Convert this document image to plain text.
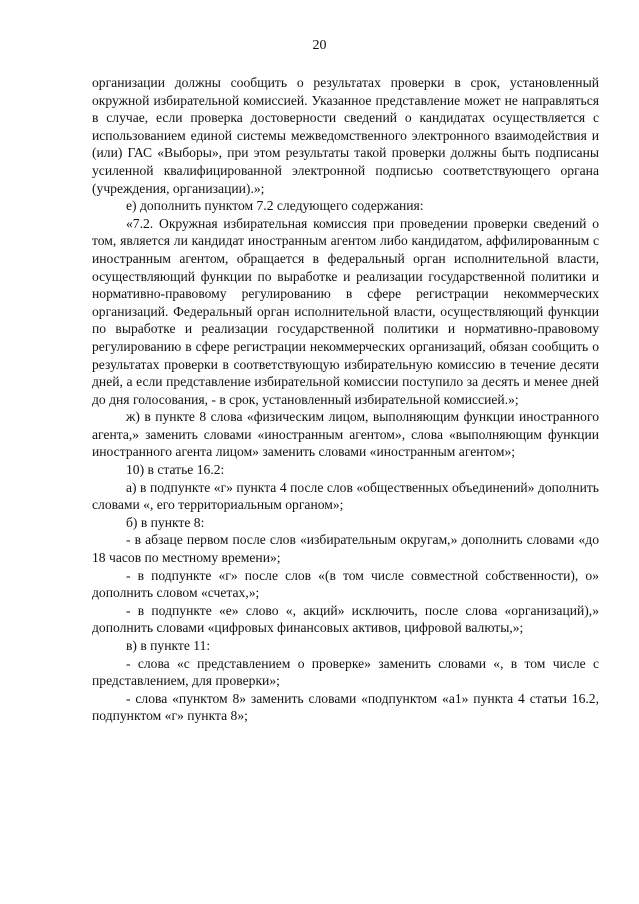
20

организации должны сообщить о результатах проверки в срок, установленный окружной избирательной комиссией. Указанное представление может не направляться в случае, если проверка достоверности сведений о кандидатах осуществляется с использованием единой системы межведомственного электронного взаимодействия и (или) ГАС «Выборы», при этом результаты такой проверки должны быть подписаны усиленной квалифицированной электронной подписью соответствующего органа (учреждения, организации).»;

е) дополнить пунктом 7.2 следующего содержания:

«7.2. Окружная избирательная комиссия при проведении проверки сведений о том, является ли кандидат иностранным агентом либо кандидатом, аффилированным с иностранным агентом, обращается в федеральный орган исполнительной власти, осуществляющий функции по выработке и реализации государственной политики и нормативно-правовому регулированию в сфере регистрации некоммерческих организаций. Федеральный орган исполнительной власти, осуществляющий функции по выработке и реализации государственной политики и нормативно-правовому регулированию в сфере регистрации некоммерческих организаций, обязан сообщить о результатах проверки в соответствующую избирательную комиссию в течение десяти дней, а если представление избирательной комиссии поступило за десять и менее дней до дня голосования, - в срок, установленный избирательной комиссией.»;

ж) в пункте 8 слова «физическим лицом, выполняющим функции иностранного агента,» заменить словами «иностранным агентом», слова «выполняющим функции иностранного агента лицом» заменить словами «иностранным агентом»;

10) в статье 16.2:

а) в подпункте «г» пункта 4 после слов «общественных объединений» дополнить словами «, его территориальным органом»;

б) в пункте 8:

- в абзаце первом после слов «избирательным округам,» дополнить словами «до 18 часов по местному времени»;

- в подпункте «г» после слов «(в том числе совместной собственности), о» дополнить словом «счетах,»;

- в подпункте «е» слово «, акций» исключить, после слова «организаций),» дополнить словами «цифровых финансовых активов, цифровой валюты,»;

в) в пункте 11:

- слова «с представлением о проверке» заменить словами «, в том числе с представлением, для проверки»;

- слова «пунктом 8» заменить словами «подпунктом «а1» пункта 4 статьи 16.2, подпунктом «г» пункта 8»;
